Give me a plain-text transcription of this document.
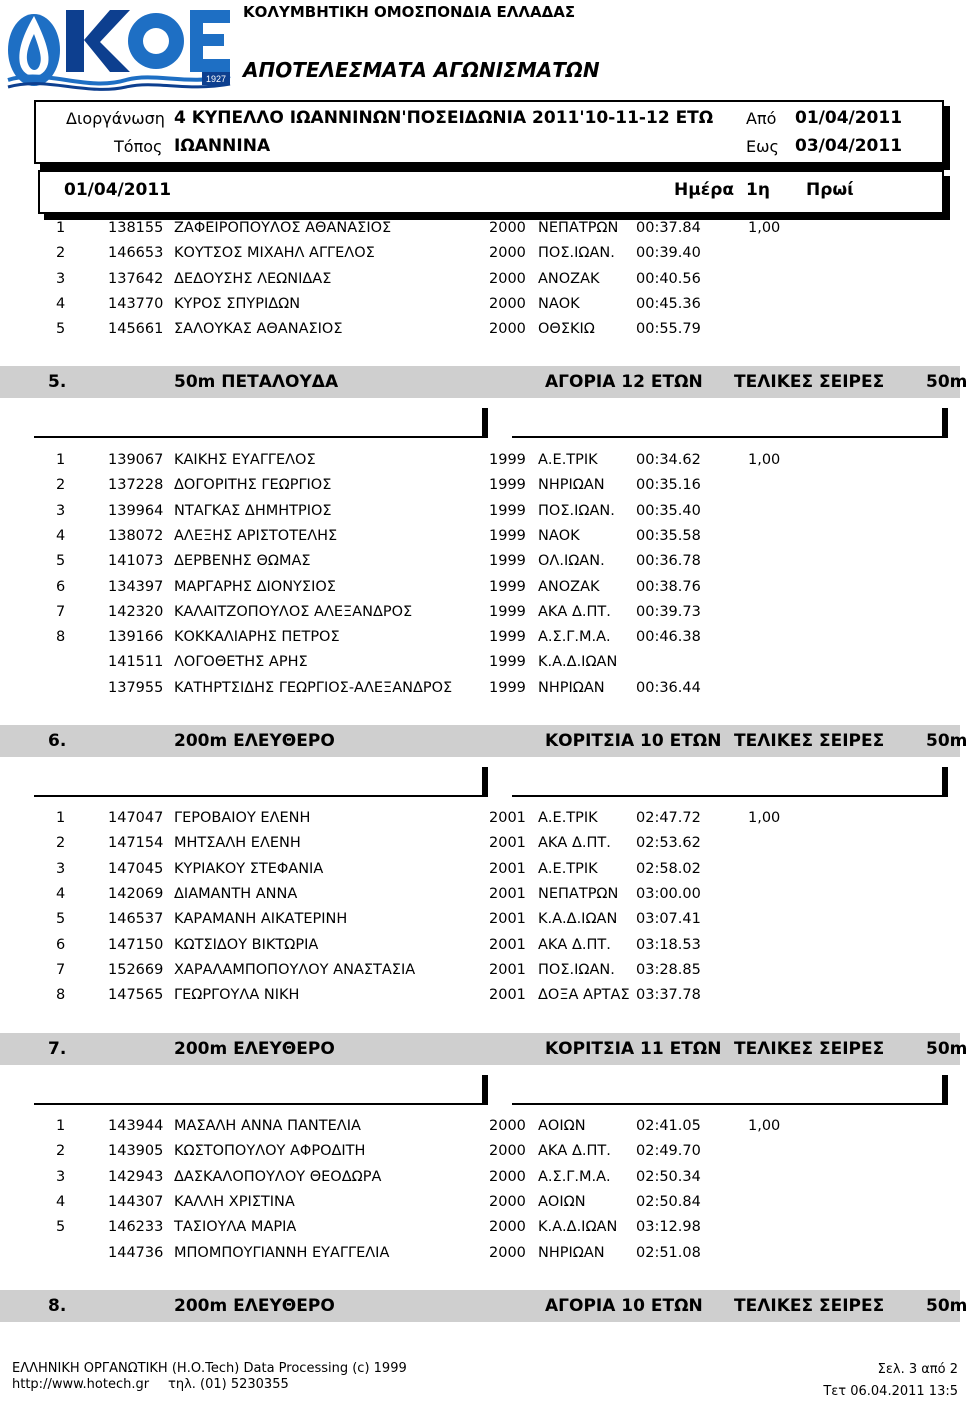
1927
ΚΟΛΥΜΒΗΤΙΚΗ ΟΜΟΣΠΟΝΔΙΑ ΕΛΛΑΔΑΣ
ΑΠΟΤΕΛΕΣΜΑΤΑ ΑΓΩΝΙΣΜΑΤΩΝ
Διοργάνωση 4 ΚΥΠΕΛΛΟ ΙΩΑΝΝΙΝΩΝ'ΠΟΣΕΙΔΩΝΙΑ 2011'10-11-12 ΕΤΩ
Τόπος ΙΩΑΝΝΙΝΑ
Από 01/04/2011
Εως 03/04/2011
01/04/2011	Ημέρα 1η Πρωί
1	138155 ΖΑΦΕΙΡΟΠΟΥΛΟΣ ΑΘΑΝΑΣΙΟΣ	2000 ΝΕΠΑΤΡΩΝ 00:37.84	1,00
2	146653 ΚΟΥΤΣΟΣ ΜΙΧΑΗΛ ΑΓΓΕΛΟΣ	2000 ΠΟΣ.ΙΩΑΝ. 00:39.40
3	137642 ΔΕΔΟΥΣΗΣ ΛΕΩΝΙΔΑΣ	2000 ΑΝΟΖΑΚ	00:40.56
4	143770 ΚΥΡΟΣ ΣΠΥΡΙΔΩΝ	2000 ΝΑΟΚ	00:45.36
5	145661 ΣΑΛΟΥΚΑΣ ΑΘΑΝΑΣΙΟΣ	2000 ΟΘΣΚΙΩ	00:55.79
5.	50m ΠΕΤΑΛΟΥΔΑ	ΑΓΟΡΙΑ 12 ΕΤΩΝ ΤΕΛΙΚΕΣ ΣΕΙΡΕΣ 50m
1	139067 ΚΑΙΚΗΣ ΕΥΑΓΓΕΛΟΣ	1999 Α.Ε.ΤΡΙΚ	00:34.62	1,00
2	137228 ΔΟΓΟΡΙΤΗΣ ΓΕΩΡΓΙΟΣ	1999 ΝΗΡΙΩΑΝ 00:35.16
3	139964 ΝΤΑΓΚΑΣ ΔΗΜΗΤΡΙΟΣ	1999 ΠΟΣ.ΙΩΑΝ. 00:35.40
4	138072 ΑΛΕΞΗΣ ΑΡΙΣΤΟΤΕΛΗΣ	1999 ΝΑΟΚ	00:35.58
5	141073 ΔΕΡΒΕΝΗΣ ΘΩΜΑΣ	1999 ΟΛ.ΙΩΑΝ. 00:36.78
6	134397 ΜΑΡΓΑΡΗΣ ΔΙΟΝΥΣΙΟΣ	1999 ΑΝΟΖΑΚ	00:38.76
7	142320 ΚΑΛΑΙΤΖΟΠΟΥΛΟΣ ΑΛΕΞΑΝΔΡΟΣ	1999 ΑΚΑ Δ.ΠΤ. 00:39.73
8	139166 ΚΟΚΚΑΛΙΑΡΗΣ ΠΕΤΡΟΣ	1999 Α.Σ.Γ.Μ.Α. 00:46.38
141511 ΛΟΓΟΘΕΤΗΣ ΑΡΗΣ	1999 Κ.Α.Δ.ΙΩΑΝ
137955 ΚΑΤΗΡΤΣΙΔΗΣ ΓΕΩΡΓΙΟΣ-ΑΛΕΞΑΝΔΡΟΣ	1999 ΝΗΡΙΩΑΝ 00:36.44
6.	200m ΕΛΕΥΘΕΡΟ	ΚΟΡΙΤΣΙΑ 10 ΕΤΩΝ ΤΕΛΙΚΕΣ ΣΕΙΡΕΣ 50m
1	147047 ΓΕΡΟΒΑΙΟΥ ΕΛΕΝΗ	2001 Α.Ε.ΤΡΙΚ	02:47.72	1,00
2	147154 ΜΗΤΣΑΛΗ ΕΛΕΝΗ	2001 ΑΚΑ Δ.ΠΤ. 02:53.62
3	147045 ΚΥΡΙΑΚΟΥ ΣΤΕΦΑΝΙΑ	2001 Α.Ε.ΤΡΙΚ	02:58.02
4	142069 ΔΙΑΜΑΝΤΗ ΑΝΝΑ	2001 ΝΕΠΑΤΡΩΝ 03:00.00
5	146537 ΚΑΡΑΜΑΝΗ ΑΙΚΑΤΕΡΙΝΗ	2001 Κ.Α.Δ.ΙΩΑΝ 03:07.41
6	147150 ΚΩΤΣΙΔΟΥ ΒΙΚΤΩΡΙΑ	2001 ΑΚΑ Δ.ΠΤ. 03:18.53
7	152669 ΧΑΡΑΛΑΜΠΟΠΟΥΛΟΥ ΑΝΑΣΤΑΣΙΑ	2001 ΠΟΣ.ΙΩΑΝ. 03:28.85
8	147565 ΓΕΩΡΓΟΥΛΑ ΝΙΚΗ	2001 ΔΟΞΑ ΑΡΤΑΣ 03:37.78
7.	200m ΕΛΕΥΘΕΡΟ	ΚΟΡΙΤΣΙΑ 11 ΕΤΩΝ ΤΕΛΙΚΕΣ ΣΕΙΡΕΣ 50m
1	143944 ΜΑΣΑΛΗ ΑΝΝΑ ΠΑΝΤΕΛΙΑ	2000 ΑΟΙΩΝ	02:41.05	1,00
2	143905 ΚΩΣΤΟΠΟΥΛΟΥ ΑΦΡΟΔΙΤΗ	2000 ΑΚΑ Δ.ΠΤ. 02:49.70
3	142943 ΔΑΣΚΑΛΟΠΟΥΛΟΥ ΘΕΟΔΩΡΑ	2000 Α.Σ.Γ.Μ.Α. 02:50.34
4	144307 ΚΑΛΛΗ ΧΡΙΣΤΙΝΑ	2000 ΑΟΙΩΝ	02:50.84
5	146233 ΤΑΣΙΟΥΛΑ ΜΑΡΙΑ	2000 Κ.Α.Δ.ΙΩΑΝ 03:12.98
144736 ΜΠΟΜΠΟΥΓΙΑΝΝΗ ΕΥΑΓΓΕΛΙΑ	2000 ΝΗΡΙΩΑΝ 02:51.08
8.	200m ΕΛΕΥΘΕΡΟ	ΑΓΟΡΙΑ 10 ΕΤΩΝ ΤΕΛΙΚΕΣ ΣΕΙΡΕΣ 50m
ΕΛΛΗΝΙΚΗ ΟΡΓΑΝΩΤΙΚΗ (Η.Ο.Tech) Data Processing (c) 1999
http://www.hotech.gr τηλ. (01) 5230355
Σελ. 3 από 2
Τετ 06.04.2011 13:5
